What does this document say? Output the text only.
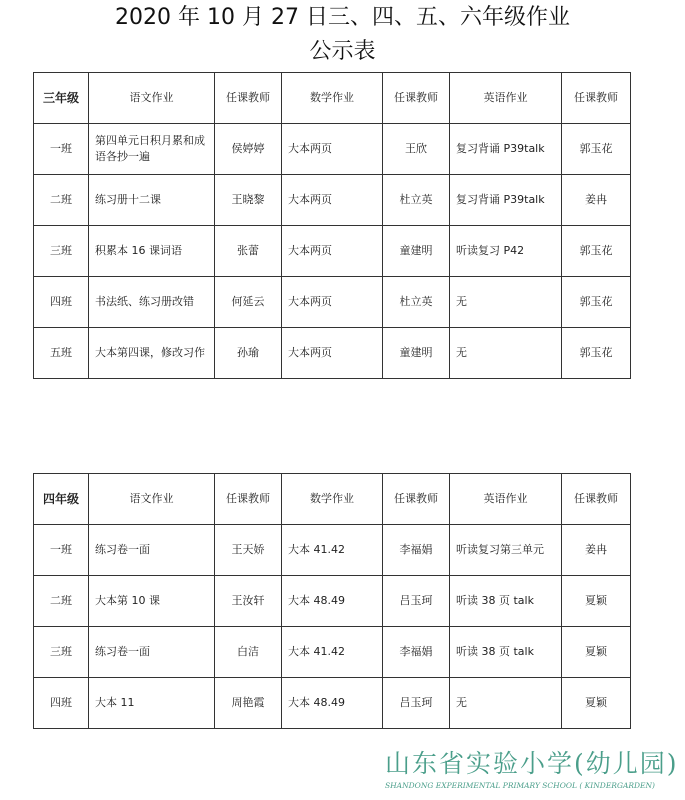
2020 年 10 月 27 日三、四、五、六年级作业
公示表
三年级	语文作业	任课教师	数学作业	任课教师	英语作业	任课教师
一班	第四单元日积月累和成语各抄一遍	侯婷婷	大本两页	王欣	复习背诵 P39talk	郭玉花
二班	练习册十二课	王晓黎	大本两页	杜立英	复习背诵 P39talk	姜冉
三班	积累本 16 课词语	张蕾	大本两页	童建明	听读复习 P42	郭玉花
四班	书法纸、练习册改错	何延云	大本两页	杜立英	无	郭玉花
五班	大本第四课，修改习作	孙瑜	大本两页	童建明	无	郭玉花
四年级	语文作业	任课教师	数学作业	任课教师	英语作业	任课教师
一班	练习卷一面	王天娇	大本 41.42	李福娟	听读复习第三单元	姜冉
二班	大本第 10 课	王汝轩	大本 48.49	吕玉珂	听读 38 页 talk	夏颖
三班	练习卷一面	白洁	大本 41.42	李福娟	听读 38 页 talk	夏颖
四班	大本 11	周艳霞	大本 48.49	吕玉珂	无	夏颖
山东省实验小学(幼儿园)
SHANDONG EXPERIMENTAL PRIMARY SCHOOL ( KINDERGARDEN)
